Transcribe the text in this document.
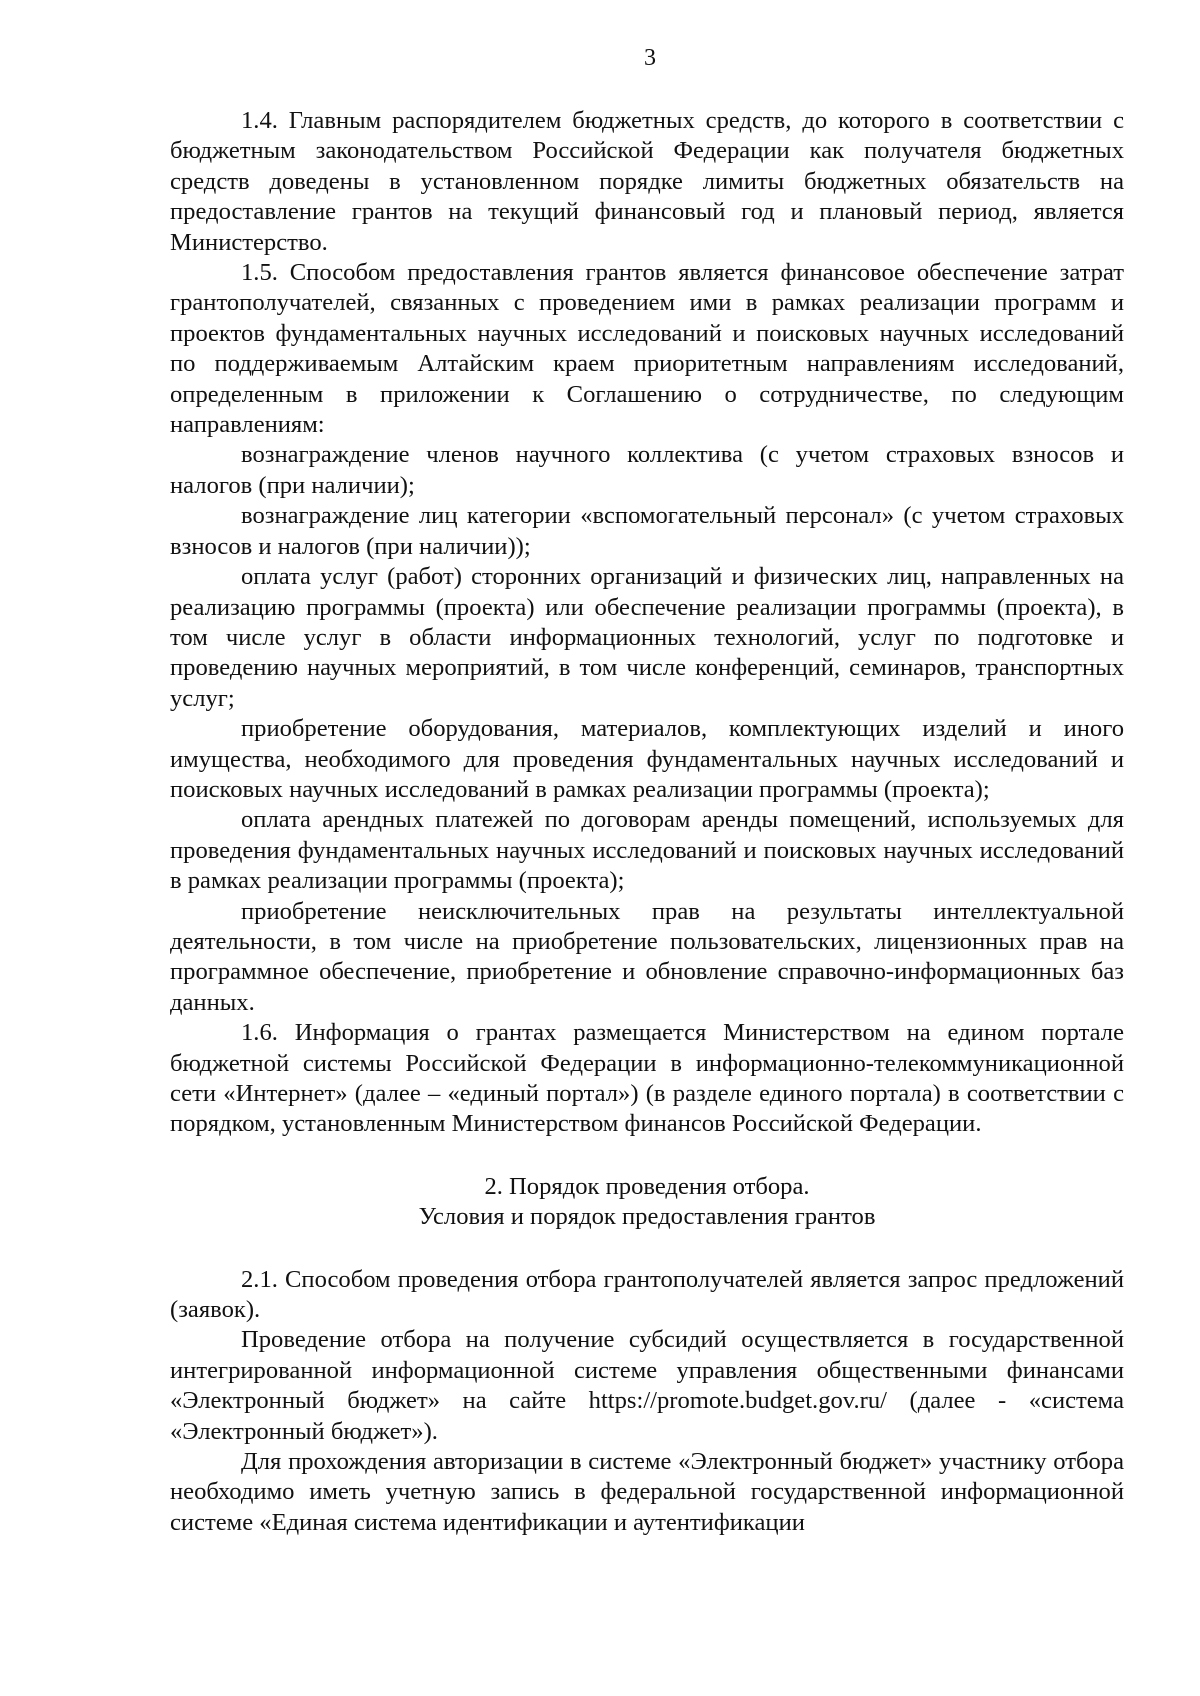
3

1.4. Главным распорядителем бюджетных средств, до которого в соответствии с бюджетным законодательством Российской Федерации как получателя бюджетных средств доведены в установленном порядке лимиты бюджетных обязательств на предоставление грантов на текущий финансовый год и плановый период, является Министерство.

1.5. Способом предоставления грантов является финансовое обеспечение затрат грантополучателей, связанных с проведением ими в рамках реализации программ и проектов фундаментальных научных исследований и поисковых научных исследований по поддерживаемым Алтайским краем приоритетным направлениям исследований, определенным в приложении к Соглашению о сотрудничестве, по следующим направлениям:

вознаграждение членов научного коллектива (с учетом страховых взносов и налогов (при наличии);

вознаграждение лиц категории «вспомогательный персонал» (с учетом страховых взносов и налогов (при наличии));

оплата услуг (работ) сторонних организаций и физических лиц, направленных на реализацию программы (проекта) или обеспечение реализации программы (проекта), в том числе услуг в области информационных технологий, услуг по подготовке и проведению научных мероприятий, в том числе конференций, семинаров, транспортных услуг;

приобретение оборудования, материалов, комплектующих изделий и иного имущества, необходимого для проведения фундаментальных научных исследований и поисковых научных исследований в рамках реализации программы (проекта);

оплата арендных платежей по договорам аренды помещений, используемых для проведения фундаментальных научных исследований и поисковых научных исследований в рамках реализации программы (проекта);

приобретение неисключительных прав на результаты интеллектуальной деятельности, в том числе на приобретение пользовательских, лицензионных прав на программное обеспечение, приобретение и обновление справочно-информационных баз данных.

1.6. Информация о грантах размещается Министерством на едином портале бюджетной системы Российской Федерации в информационно-телекоммуникационной сети «Интернет» (далее – «единый портал») (в разделе единого портала) в соответствии с порядком, установленным Министерством финансов Российской Федерации.

2. Порядок проведения отбора.
Условия и порядок предоставления грантов

2.1. Способом проведения отбора грантополучателей является запрос предложений (заявок).

Проведение отбора на получение субсидий осуществляется в государственной интегрированной информационной системе управления общественными финансами «Электронный бюджет» на сайте https://promote.budget.gov.ru/ (далее - «система «Электронный бюджет»).

Для прохождения авторизации в системе «Электронный бюджет» участнику отбора необходимо иметь учетную запись в федеральной государственной информационной системе «Единая система идентификации и аутентификации
